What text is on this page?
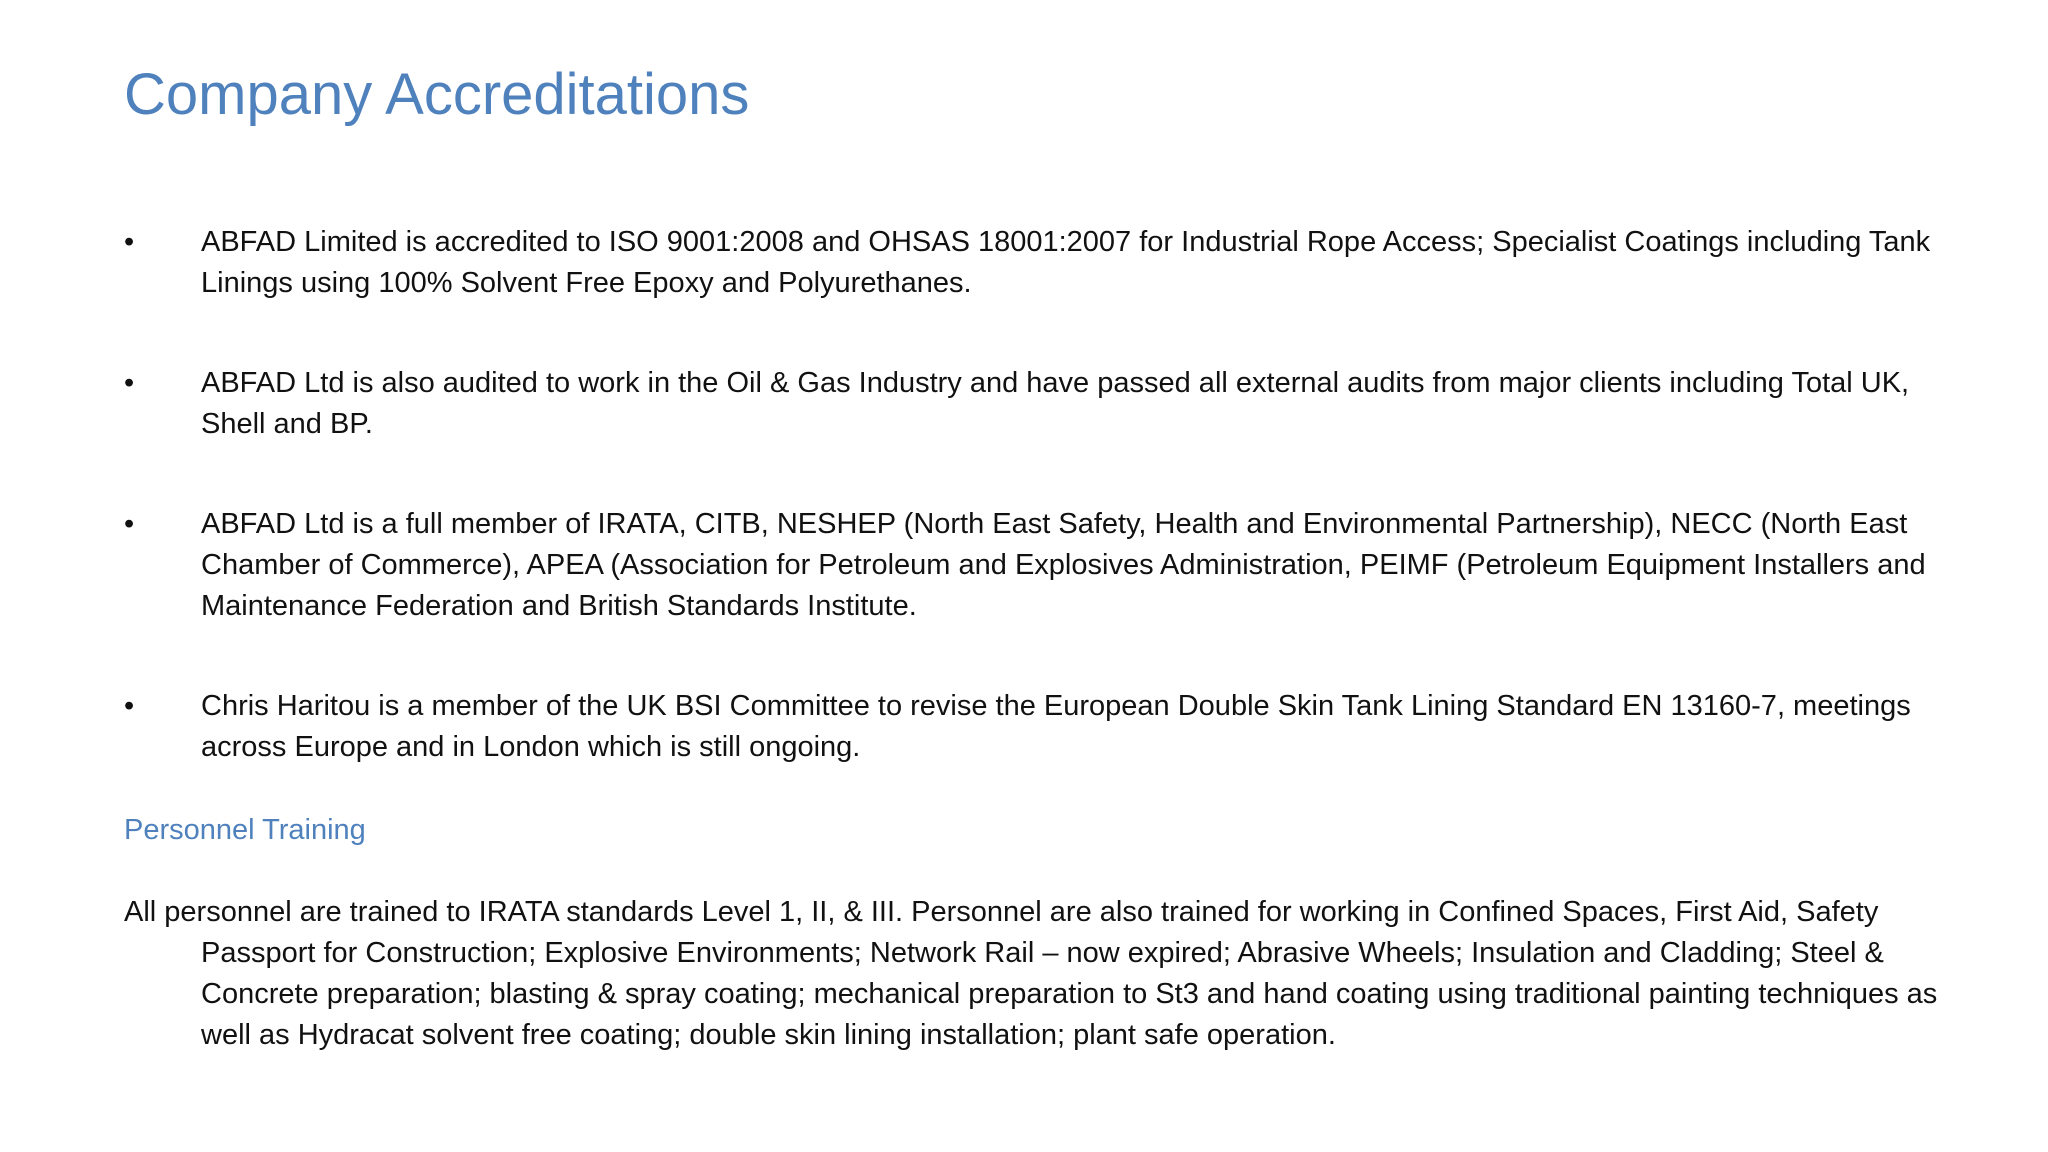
Company Accreditations
• ABFAD Limited is accredited to ISO 9001:2008 and OHSAS 18001:2007 for Industrial Rope Access; Specialist Coatings including Tank Linings using 100% Solvent Free Epoxy and Polyurethanes.
• ABFAD Ltd is also audited to work in the Oil & Gas Industry and have passed all external audits from major clients including Total UK, Shell and BP.
• ABFAD Ltd is a full member of IRATA, CITB, NESHEP (North East Safety, Health and Environmental Partnership), NECC (North East Chamber of Commerce), APEA (Association for Petroleum and Explosives Administration, PEIMF (Petroleum Equipment Installers and Maintenance Federation and British Standards Institute.
• Chris Haritou is a member of the UK BSI Committee to revise the European Double Skin Tank Lining Standard EN 13160-7, meetings across Europe and in London which is still ongoing.
Personnel Training

All personnel are trained to IRATA standards Level 1, II, & III. Personnel are also trained for working in Confined Spaces, First Aid, Safety Passport for Construction; Explosive Environments; Network Rail – now expired; Abrasive Wheels; Insulation and Cladding; Steel & Concrete preparation; blasting & spray coating; mechanical preparation to St3 and hand coating using traditional painting techniques as well as Hydracat solvent free coating; double skin lining installation; plant safe operation.
